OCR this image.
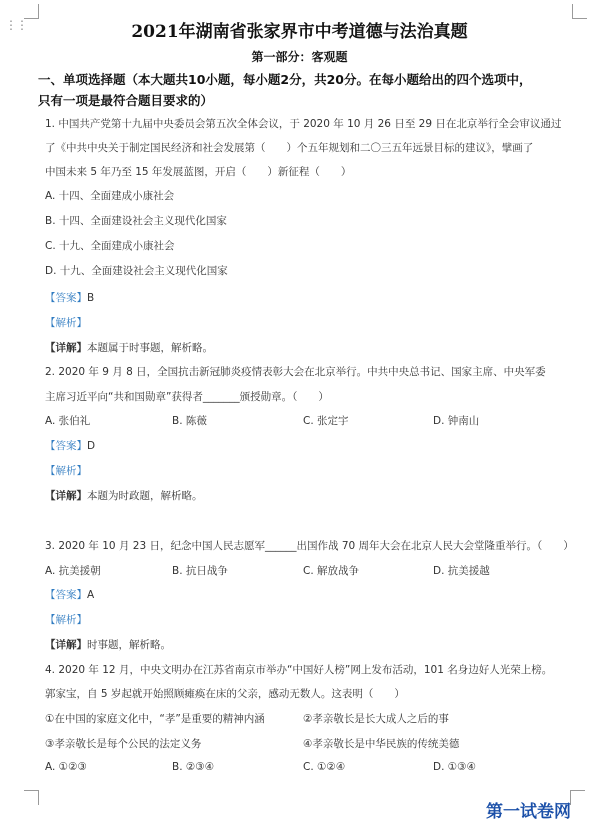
⋮⋮	2021年湖南省张家界市中考道德与法治真题
第一部分：客观题
一、单项选择题（本大题共10小题，每小题2分，共20分。在每小题给出的四个选项中，
只有一项是最符合题目要求的）
1. 中国共产党第十九届中央委员会第五次全体会议，于 2020 年 10 月 26 日至 29 日在北京举行全会审议通过
了《中共中央关于制定国民经济和社会发展第（　　）个五年规划和二〇三五年远景目标的建议》，擘画了
中国未来 5 年乃至 15 年发展蓝图，开启（　　）新征程（　　）
A. 十四、全面建成小康社会
B. 十四、全面建设社会主义现代化国家
C. 十九、全面建成小康社会
D. 十九、全面建设社会主义现代化国家
【答案】B
【解析】
【详解】本题属于时事题，解析略。
2. 2020 年 9 月 8 日，全国抗击新冠肺炎疫情表彰大会在北京举行。中共中央总书记、国家主席、中央军委
主席习近平向“共和国勋章”获得者_______颁授勋章。（　　）
A. 张伯礼	B. 陈薇	C. 张定宇	D. 钟南山
【答案】D
【解析】
【详解】本题为时政题，解析略。
3. 2020 年 10 月 23 日，纪念中国人民志愿军______出国作战 70 周年大会在北京人民大会堂隆重举行。（　　）
A. 抗美援朝	B. 抗日战争	C. 解放战争	D. 抗美援越
【答案】A
【解析】
【详解】时事题，解析略。
4. 2020 年 12 月，中央文明办在江苏省南京市举办“中国好人榜”网上发布活动，101 名身边好人光荣上榜。
郭家宝，自 5 岁起就开始照顾瘫痪在床的父亲，感动无数人。这表明（　　）
①在中国的家庭文化中，“孝”是重要的精神内涵	②孝亲敬长是长大成人之后的事
③孝亲敬长是每个公民的法定义务	④孝亲敬长是中华民族的传统美德
A. ①②③	B. ②③④	C. ①②④	D. ①③④
第一试卷网
